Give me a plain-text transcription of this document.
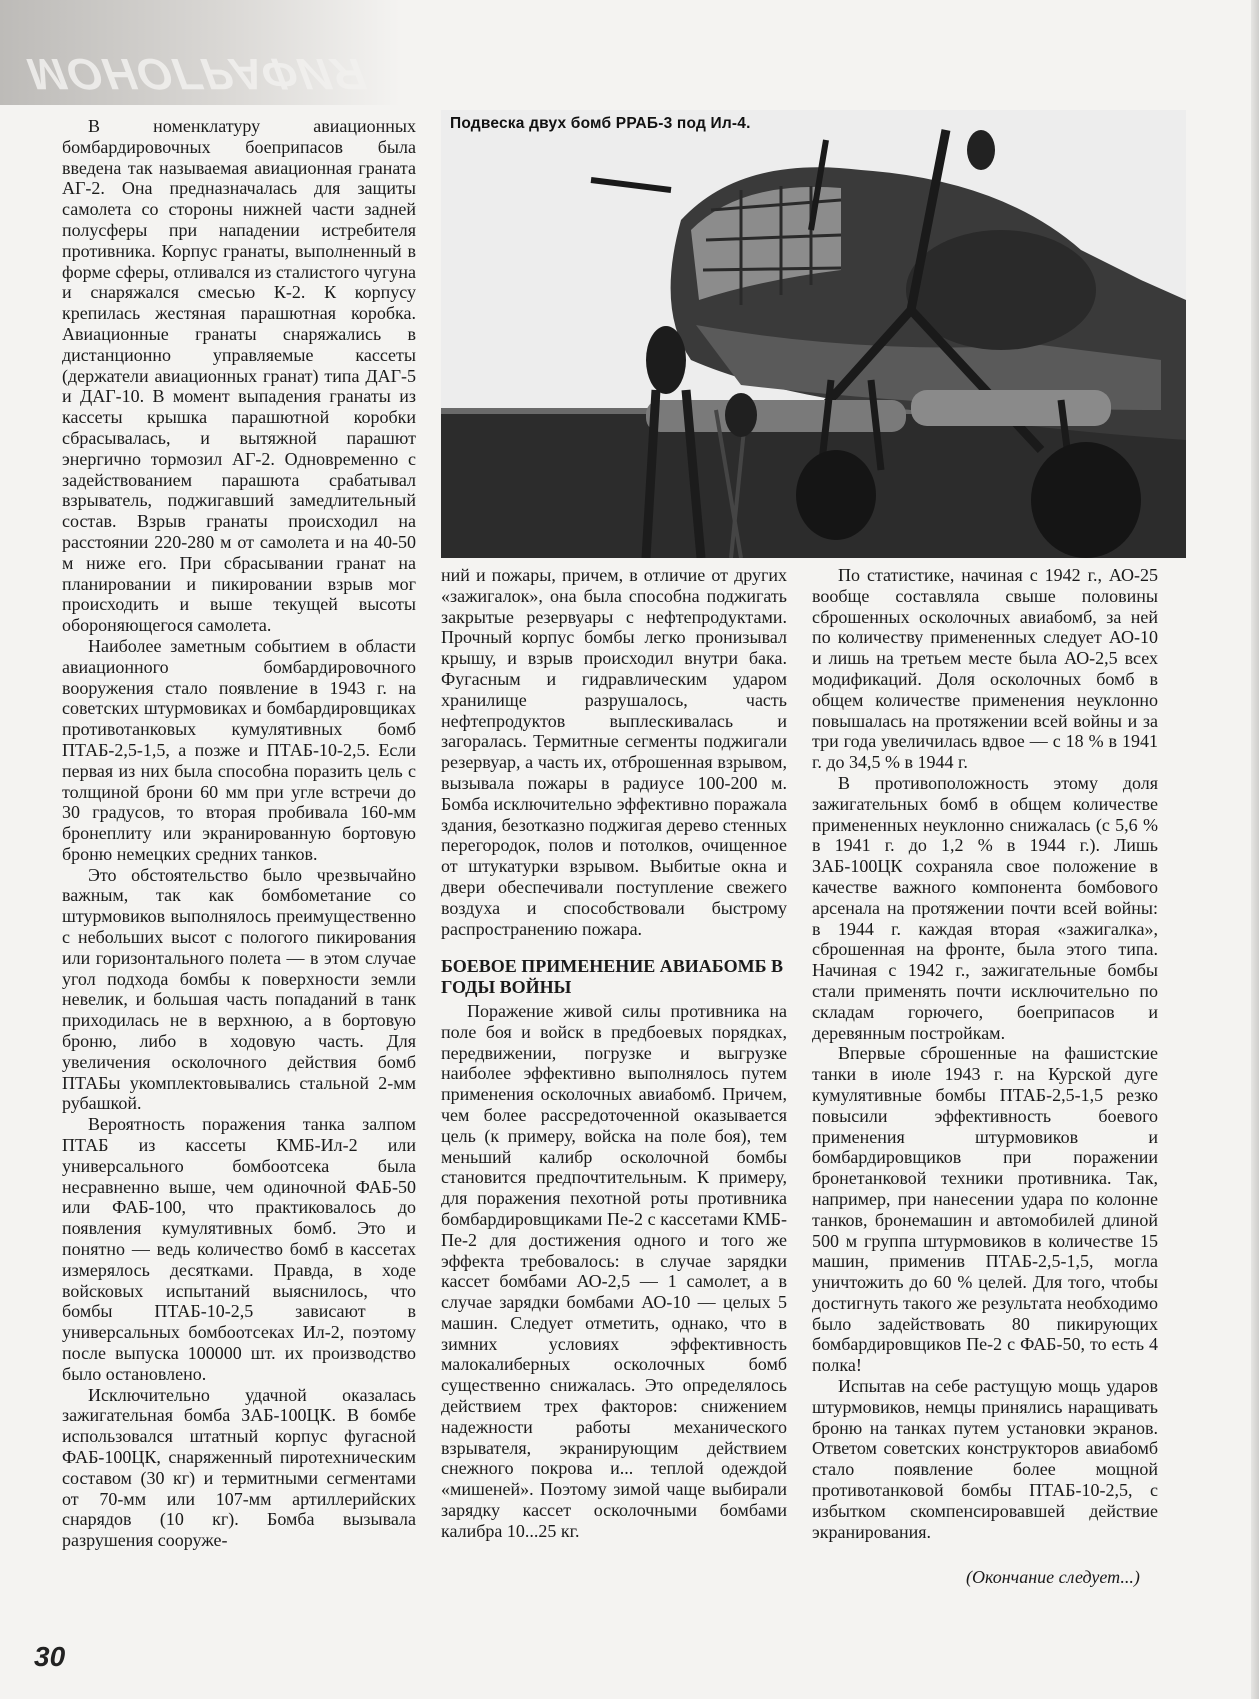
МОНОГРАФИЯ
Подвеска двух бомб РРАБ-3 под Ил-4.

В номенклатуру авиационных бомбардировочных боеприпасов была введена так называемая авиационная граната АГ-2. Она предназначалась для защиты самолета со стороны нижней части задней полусферы при нападении истребителя противника. Корпус гранаты, выполненный в форме сферы, отливался из сталистого чугуна и снаряжался смесью К-2. К корпусу крепилась жестяная парашютная коробка. Авиационные гранаты снаряжались в дистанционно управляемые кассеты (держатели авиационных гранат) типа ДАГ-5 и ДАГ-10. В момент выпадения гранаты из кассеты крышка парашютной коробки сбрасывалась, и вытяжной парашют энергично тормозил АГ-2. Одновременно с задействованием парашюта срабатывал взрыватель, поджигавший замедлительный состав. Взрыв гранаты происходил на расстоянии 220-280 м от самолета и на 40-50 м ниже его. При сбрасывании гранат на планировании и пикировании взрыв мог происходить и выше текущей высоты обороняющегося самолета.

Наиболее заметным событием в области авиационного бомбардировочного вооружения стало появление в 1943 г. на советских штурмовиках и бомбардировщиках противотанковых кумулятивных бомб ПТАБ-2,5-1,5, а позже и ПТАБ-10-2,5. Если первая из них была способна поразить цель с толщиной брони 60 мм при угле встречи до 30 градусов, то вторая пробивала 160-мм бронеплиту или экранированную бортовую броню немецких средних танков.

Это обстоятельство было чрезвычайно важным, так как бомбометание со штурмовиков выполнялось преимущественно с небольших высот с пологого пикирования или горизонтального полета — в этом случае угол подхода бомбы к поверхности земли невелик, и большая часть попаданий в танк приходилась не в верхнюю, а в бортовую броню, либо в ходовую часть. Для увеличения осколочного действия бомб ПТАБы укомплектовывались стальной 2-мм рубашкой.

Вероятность поражения танка залпом ПТАБ из кассеты КМБ-Ил-2 или универсального бомбоотсека была несравненно выше, чем одиночной ФАБ-50 или ФАБ-100, что практиковалось до появления кумулятивных бомб. Это и понятно — ведь количество бомб в кассетах измерялось десятками. Правда, в ходе войсковых испытаний выяснилось, что бомбы ПТАБ-10-2,5 зависают в универсальных бомбоотсеках Ил-2, поэтому после выпуска 100000 шт. их производство было остановлено.

Исключительно удачной оказалась зажигательная бомба ЗАБ-100ЦК. В бомбе использовался штатный корпус фугасной ФАБ-100ЦК, снаряженный пиротехническим составом (30 кг) и термитными сегментами от 70-мм или 107-мм артиллерийских снарядов (10 кг). Бомба вызывала разрушения сооруже-

ний и пожары, причем, в отличие от других «зажигалок», она была способна поджигать закрытые резервуары с нефтепродуктами. Прочный корпус бомбы легко пронизывал крышу, и взрыв происходил внутри бака. Фугасным и гидравлическим ударом хранилище разрушалось, часть нефтепродуктов выплескивалась и загоралась. Термитные сегменты поджигали резервуар, а часть их, отброшенная взрывом, вызывала пожары в радиусе 100-200 м. Бомба исключительно эффективно поражала здания, безотказно поджигая дерево стенных перегородок, полов и потолков, очищенное от штукатурки взрывом. Выбитые окна и двери обеспечивали поступление свежего воздуха и способствовали быстрому распространению пожара.

БОЕВОЕ ПРИМЕНЕНИЕ АВИАБОМБ В ГОДЫ ВОЙНЫ

Поражение живой силы противника на поле боя и войск в предбоевых порядках, передвижении, погрузке и выгрузке наиболее эффективно выполнялось путем применения осколочных авиабомб. Причем, чем более рассредоточенной оказывается цель (к примеру, войска на поле боя), тем меньший калибр осколочной бомбы становится предпочтительным. К примеру, для поражения пехотной роты противника бомбардировщиками Пе-2 с кассетами КМБ-Пе-2 для достижения одного и того же эффекта требовалось: в случае зарядки кассет бомбами АО-2,5 — 1 самолет, а в случае зарядки бомбами АО-10 — целых 5 машин. Следует отметить, однако, что в зимних условиях эффективность малокалиберных осколочных бомб существенно снижалась. Это определялось действием трех факторов: снижением надежности работы механического взрывателя, экранирующим действием снежного покрова и... теплой одеждой «мишеней». Поэтому зимой чаще выбирали зарядку кассет осколочными бомбами калибра 10...25 кг.

По статистике, начиная с 1942 г., АО-25 вообще составляла свыше половины сброшенных осколочных авиабомб, за ней по количеству примененных следует АО-10 и лишь на третьем месте была АО-2,5 всех модификаций. Доля осколочных бомб в общем количестве применения неуклонно повышалась на протяжении всей войны и за три года увеличилась вдвое — с 18 % в 1941 г. до 34,5 % в 1944 г.

В противоположность этому доля зажигательных бомб в общем количестве примененных неуклонно снижалась (с 5,6 % в 1941 г. до 1,2 % в 1944 г.). Лишь ЗАБ-100ЦК сохраняла свое положение в качестве важного компонента бомбового арсенала на протяжении почти всей войны: в 1944 г. каждая вторая «зажигалка», сброшенная на фронте, была этого типа. Начиная с 1942 г., зажигательные бомбы стали применять почти исключительно по складам горючего, боеприпасов и деревянным постройкам.

Впервые сброшенные на фашистские танки в июле 1943 г. на Курской дуге кумулятивные бомбы ПТАБ-2,5-1,5 резко повысили эффективность боевого применения штурмовиков и бомбардировщиков при поражении бронетанковой техники противника. Так, например, при нанесении удара по колонне танков, бронемашин и автомобилей длиной 500 м группа штурмовиков в количестве 15 машин, применив ПТАБ-2,5-1,5, могла уничтожить до 60 % целей. Для того, чтобы достигнуть такого же результата необходимо было задействовать 80 пикирующих бомбардировщиков Пе-2 с ФАБ-50, то есть 4 полка!

Испытав на себе растущую мощь ударов штурмовиков, немцы принялись наращивать броню на танках путем установки экранов. Ответом советских конструкторов авиабомб стало появление более мощной противотанковой бомбы ПТАБ-10-2,5, с избытком скомпенсировавшей действие экранирования.

(Окончание следует...)
30
